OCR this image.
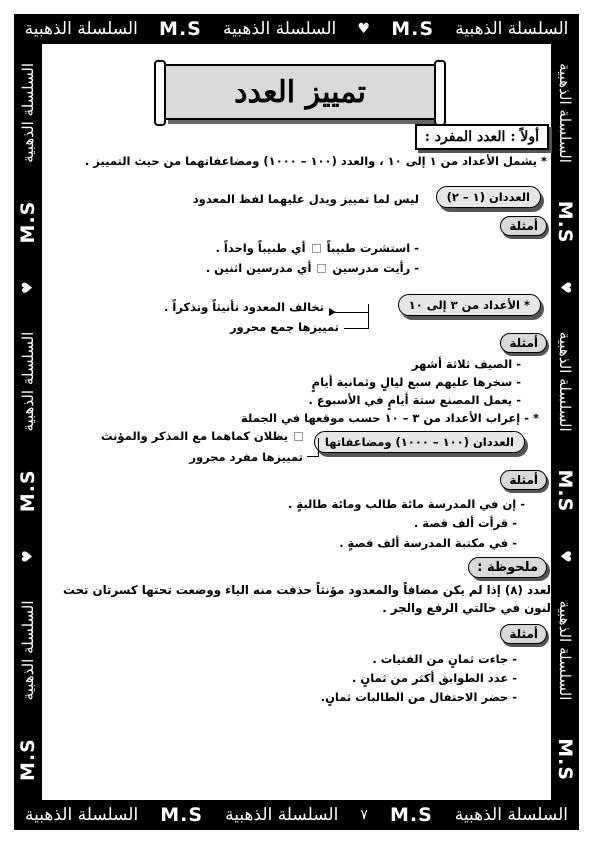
السلسلة الذهبية
M.S
♥
السلسلة الذهبية
M.S
السلسلة الذهبية
السلسلة الذهبية
M.S
٧
السلسلة الذهبية
M.S
السلسلة الذهبية
السلسلة الذهبية
M.S
♥
السلسلة الذهبية
M.S
♥
السلسلة الذهبية
M.S	M.S
السلسلة الذهبية
♥
M.S
السلسلة الذهبية
♥
M.S
السلسلة الذهبية
تمييز العدد
أولاً : العدد المفرد :
* يشمل الأعداد من ١ إلى ١٠ ، والعدد (١٠٠ – ١٠٠٠) ومضاعفاتهما من حيث التمييز .
العددان (١ – ٢)
ليس لما تمييز ويدل عليهما لفظ المعدود
أمثلة
- استشرت طبيباًأي طبيباً واحداً .
- رأيت مدرسينأي مدرسين اثنين .
* الأعداد من ٣ إلى ١٠
تخالف المعدود تأنيثاً وتذكراً .
تمييزها جمع مجرور
أمثلة
- الصيف ثلاثة أشهر
- سخرها عليهم سبع ليالٍ وثمانية أيامٍ
- يعمل المصنع ستة أيامٍ في الأسبوع .
* - إعراب الأعداد من ٣ – ١٠ حسب موقعها في الجملة
العددان (١٠٠ – ١٠٠٠) ومضاعفاتها
يظلان كماهما مع المذكر والمؤنث
تمييزها مفرد مجرور
أمثلة
- إن في المدرسة مائة طالب ومائة طالبةٍ .
- قرأت ألف قصة .
- في مكتبة المدرسة ألف قصةٍ .
ملحوظة :
العدد (٨) إذا لم يكن مضافاً والمعدود مؤنثاً حذفت منه الياء ووضعت تحتها كسرتان تحت
النون في حالتي الرفع والجر .
أمثلة
- جاءت ثمانٍ من الفتيات .
- عدد الطوابق أكثر من ثمانٍ .
- حضر الاحتفال من الطالبات ثمانٍ.
